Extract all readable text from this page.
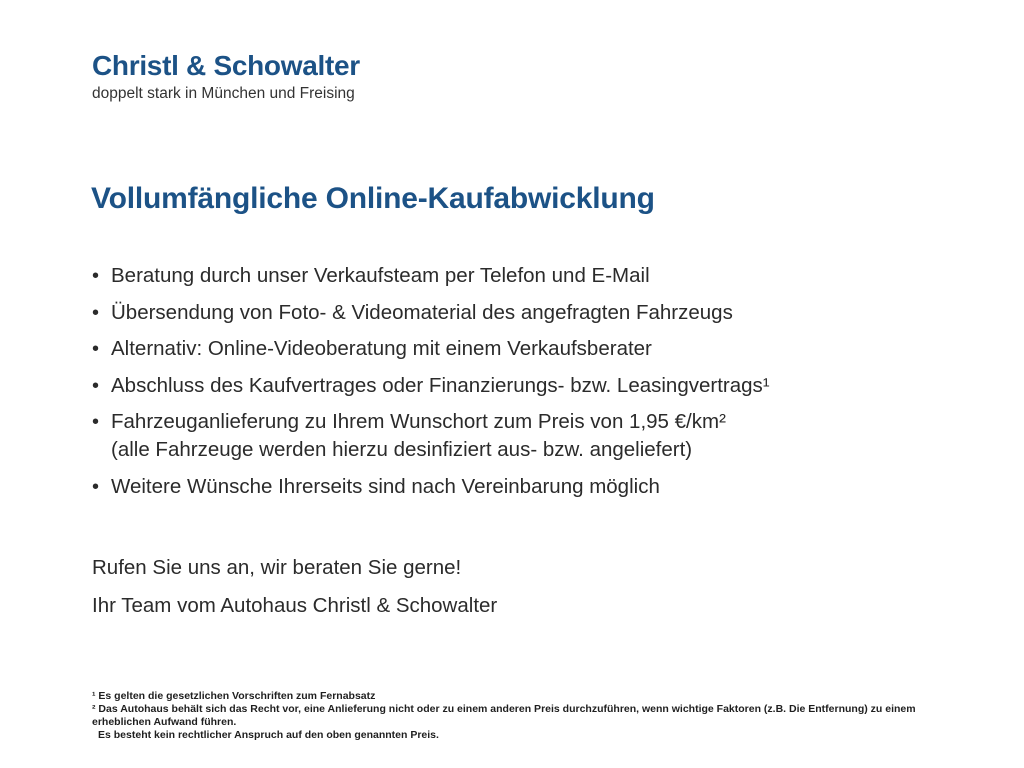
Christl & Schowalter
doppelt stark in München und Freising
Vollumfängliche Online-Kaufabwicklung
• Beratung durch unser Verkaufsteam per Telefon und E-Mail
• Übersendung von Foto- & Videomaterial des angefragten Fahrzeugs
• Alternativ: Online-Videoberatung mit einem Verkaufsberater
• Abschluss des Kaufvertrages oder Finanzierungs- bzw. Leasingvertrags¹
• Fahrzeuganlieferung zu Ihrem Wunschort zum Preis von 1,95 €/km²
(alle Fahrzeuge werden hierzu desinfiziert aus- bzw. angeliefert)
• Weitere Wünsche Ihrerseits sind nach Vereinbarung möglich
Rufen Sie uns an, wir beraten Sie gerne!
Ihr Team vom Autohaus Christl & Schowalter
¹ Es gelten die gesetzlichen Vorschriften zum Fernabsatz
² Das Autohaus behält sich das Recht vor, eine Anlieferung nicht oder zu einem anderen Preis durchzuführen, wenn wichtige Faktoren (z.B. Die Entfernung) zu einem erheblichen Aufwand führen.
Es besteht kein rechtlicher Anspruch auf den oben genannten Preis.
